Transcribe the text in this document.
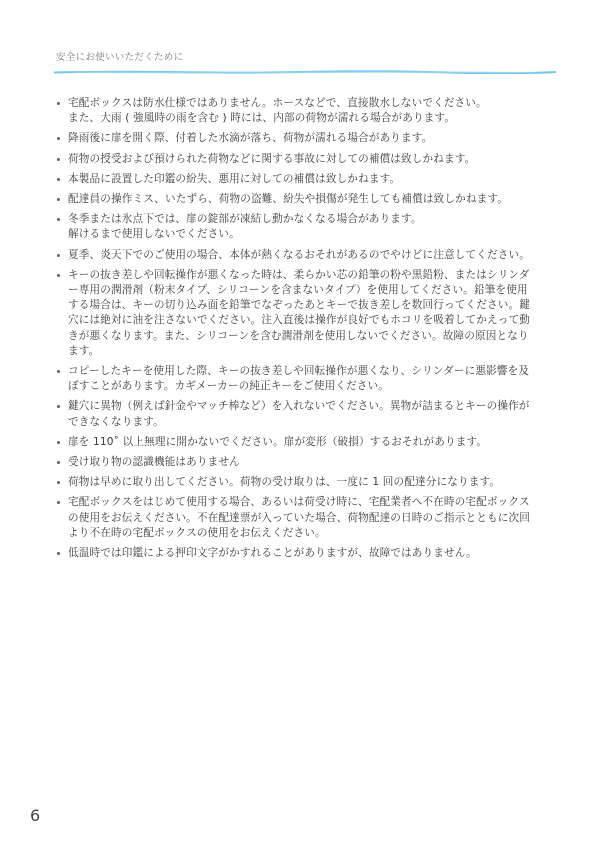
安全にお使いいただくために
宅配ボックスは防水仕様ではありません。ホースなどで、直接散水しないでください。
また、大雨 ( 強風時の雨を含む ) 時には、内部の荷物が濡れる場合があります。
降雨後に扉を開く際、付着した水滴が落ち、荷物が濡れる場合があります。
荷物の授受および預けられた荷物などに関する事故に対しての補償は致しかねます。
本製品に設置した印鑑の紛失、悪用に対しての補償は致しかねます。
配達員の操作ミス、いたずら、荷物の盗難、紛失や損傷が発生しても補償は致しかねます。
冬季または氷点下では、扉の錠部が凍結し動かなくなる場合があります。
解けるまで使用しないでください。
夏季、炎天下でのご使用の場合、本体が熱くなるおそれがあるのでやけどに注意してください。
キーの抜き差しや回転操作が悪くなった時は、柔らかい芯の鉛筆の粉や黒鉛粉、またはシリンダ
ー専用の潤滑剤（粉末タイプ、シリコーンを含まないタイプ）を使用してください。鉛筆を使用
する場合は、キーの切り込み面を鉛筆でなぞったあとキーで抜き差しを数回行ってください。鍵
穴には絶対に油を注さないでください。注入直後は操作が良好でもホコリを吸着してかえって動
きが悪くなります。また、シリコーンを含む潤滑剤を使用しないでください。故障の原因となり
ます。
コピーしたキーを使用した際、キーの抜き差しや回転操作が悪くなり、シリンダーに悪影響を及
ぼすことがあります。カギメーカーの純正キーをご使用ください。
鍵穴に異物（例えば針金やマッチ棒など）を入れないでください。異物が詰まるとキーの操作が
できなくなります。
扉を 110˚ 以上無理に開かないでください。扉が変形（破損）するおそれがあります。
受け取り物の認識機能はありません
荷物は早めに取り出してください。荷物の受け取りは、一度に 1 回の配達分になります。
宅配ボックスをはじめて使用する場合、あるいは荷受け時に、宅配業者へ不在時の宅配ボックス
の使用をお伝えください。不在配達票が入っていた場合、荷物配達の日時のご指示とともに次回
より不在時の宅配ボックスの使用をお伝えください。
低温時では印鑑による押印文字がかすれることがありますが、故障ではありません。
6
